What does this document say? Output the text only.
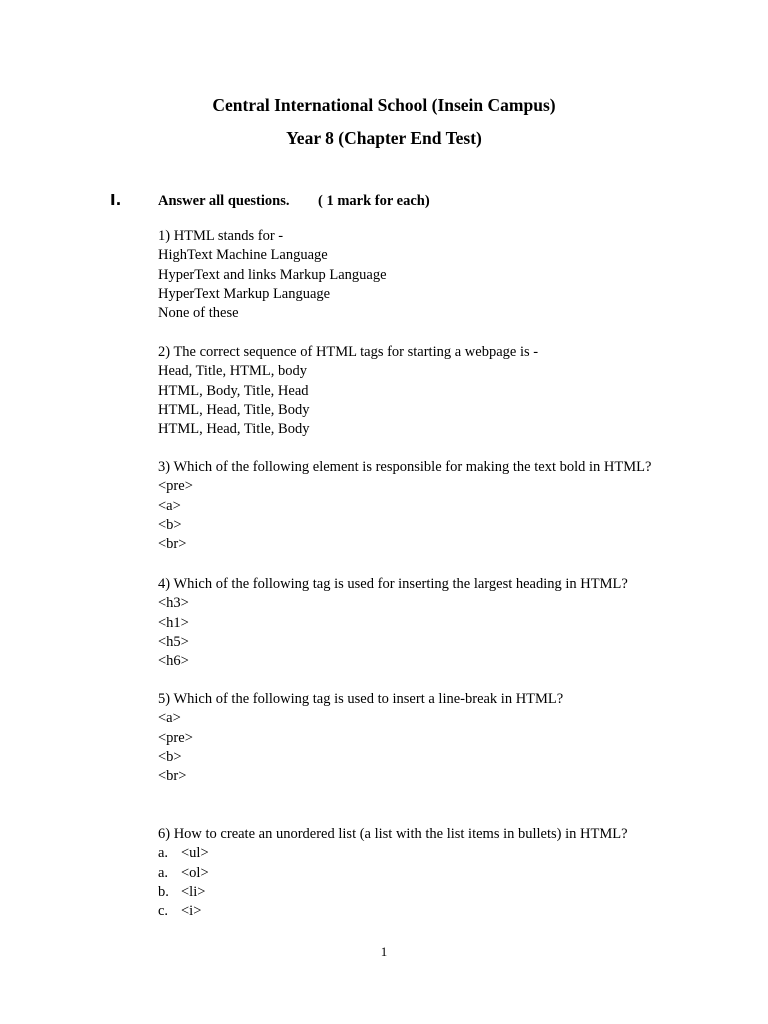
Central International School (Insein Campus)
Year 8 (Chapter End Test)
I.	Answer all questions. ( 1 mark for each)
1) HTML stands for -
HighText Machine Language
HyperText and links Markup Language
HyperText Markup Language
None of these
2) The correct sequence of HTML tags for starting a webpage is -
Head, Title, HTML, body
HTML, Body, Title, Head
HTML, Head, Title, Body
HTML, Head, Title, Body
3) Which of the following element is responsible for making the text bold in HTML?
<pre>
<a>
<b>
<br>
4) Which of the following tag is used for inserting the largest heading in HTML?
<h3>
<h1>
<h5>
<h6>
5) Which of the following tag is used to insert a line-break in HTML?
<a>
<pre>
<b>
<br>
6) How to create an unordered list (a list with the list items in bullets) in HTML?
a. <ul>
a. <ol>
b. <li>
c. <i>
1
